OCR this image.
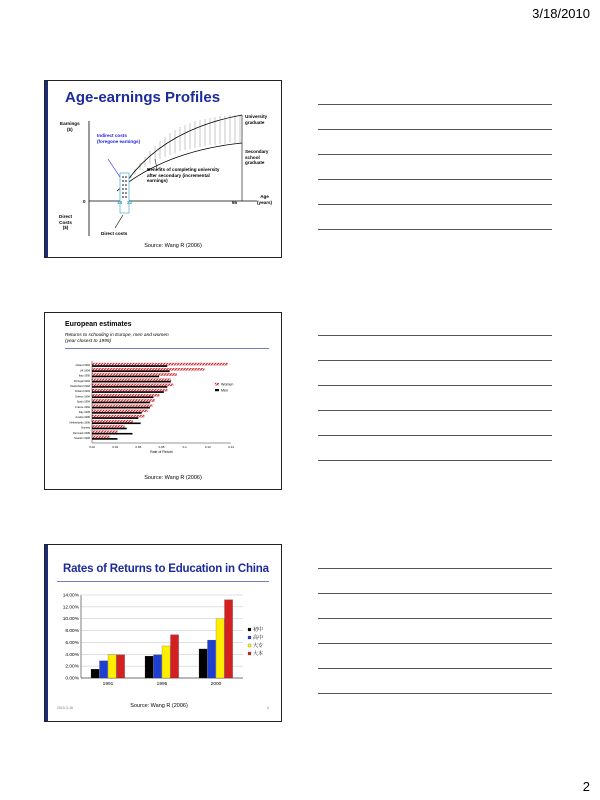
3/18/2010
Age-earnings Profiles
Earnings
($)
Indirect costs
(foregone earnings)
University
graduate
Secondary
school
graduate
Benefits of completing university
after secondary (incremental
earnings)
Age
(years)
0	18 22	65
Direct
Costs
($)
Direct costs
Source: Wang R (2006)
European estimates
Returns to schooling in Europe, men and women
(year closest to 1995)
Ireland 1994
UK 1994
Italy 1995
Portugal 1994
Switzerland 1994
Finland 1993
Greece 1994
Spain 1994
France 1994
Italy 1995
Austria 1995
Netherlands 1996
Norway
Denmark 1995
Sweden 1995
0.02	0.04	0.06	0.08	0.1	0.12	0.14
Rate of Return
Women
Men
Source: Wang R (2006)
Rates of Returns to Education in China
14.00%
12.00%
10.00%
8.00%
6.00%
4.00%
2.00%
0.00%
1991	1995	2000
初中
高中
大专
大本
2010-3-16	Source: Wang R (2006)	4
2
